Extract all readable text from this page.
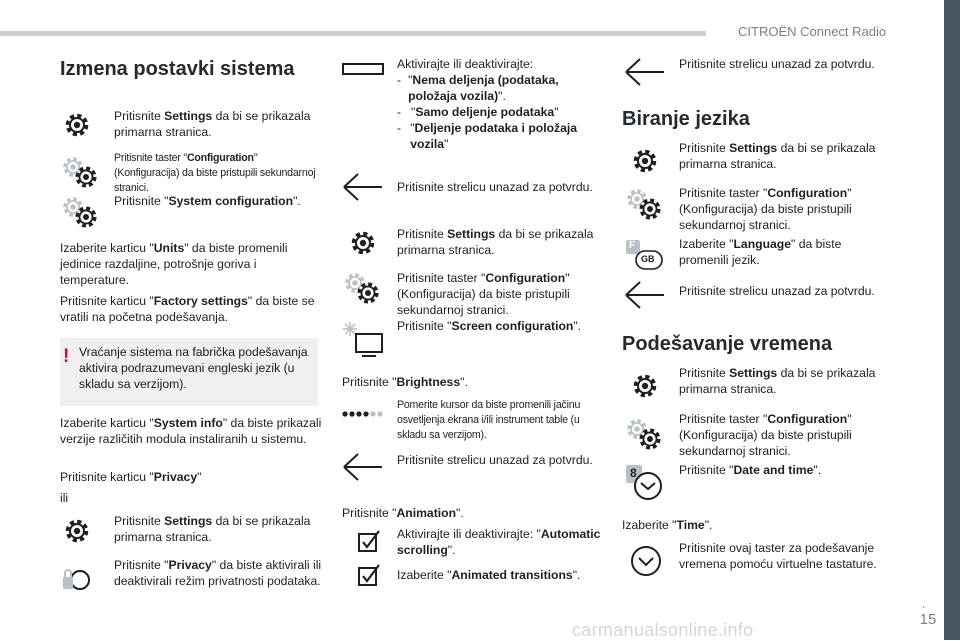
CITROËN Connect Radio
.
15
carmanualsonline.info
Izmena postavki sistema
Pritisnite Settings da bi se prikazala primarna stranica.
Pritisnite taster "Configuration" (Konfiguracija) da biste pristupili sekundarnoj stranici.
Pritisnite "System configuration".
Izaberite karticu "Units" da biste promenili jedinice razdaljine, potrošnje goriva i temperature.
Pritisnite karticu "Factory settings" da biste se vratili na početna podešavanja.
! Vraćanje sistema na fabrička podešavanja aktivira podrazumevani engleski jezik (u skladu sa verzijom).
Izaberite karticu "System info" da biste prikazali verzije različitih modula instaliranih u sistemu.
Pritisnite karticu "Privacy"
ili
Pritisnite Settings da bi se prikazala primarna stranica.
Pritisnite "Privacy" da biste aktivirali ili deaktivirali režim privatnosti podataka.
Aktivirajte ili deaktivirajte:
- "Nema deljenja (podataka, položaja vozila)".
- "Samo deljenje podataka"
- "Deljenje podataka i položaja vozila"
Pritisnite strelicu unazad za potvrdu.
Pritisnite Settings da bi se prikazala primarna stranica.
Pritisnite taster "Configuration" (Konfiguracija) da biste pristupili sekundarnoj stranici.
Pritisnite "Screen configuration".
Pritisnite "Brightness".
Pomerite kursor da biste promenili jačinu osvetljenja ekrana i/ili instrument table (u skladu sa verzijom).
Pritisnite strelicu unazad za potvrdu.
Pritisnite "Animation".
Aktivirajte ili deaktivirajte: "Automatic scrolling".
Izaberite "Animated transitions".
Pritisnite strelicu unazad za potvrdu.
Biranje jezika
Pritisnite Settings da bi se prikazala primarna stranica.
Pritisnite taster "Configuration" (Konfiguracija) da biste pristupili sekundarnoj stranici.
F
GB
Izaberite "Language" da biste promenili jezik.
Pritisnite strelicu unazad za potvrdu.
Podešavanje vremena
Pritisnite Settings da bi se prikazala primarna stranica.
Pritisnite taster "Configuration" (Konfiguracija) da biste pristupili sekundarnoj stranici.
8	Pritisnite "Date and time".
Izaberite "Time".
Pritisnite ovaj taster za podešavanje vremena pomoću virtuelne tastature.
